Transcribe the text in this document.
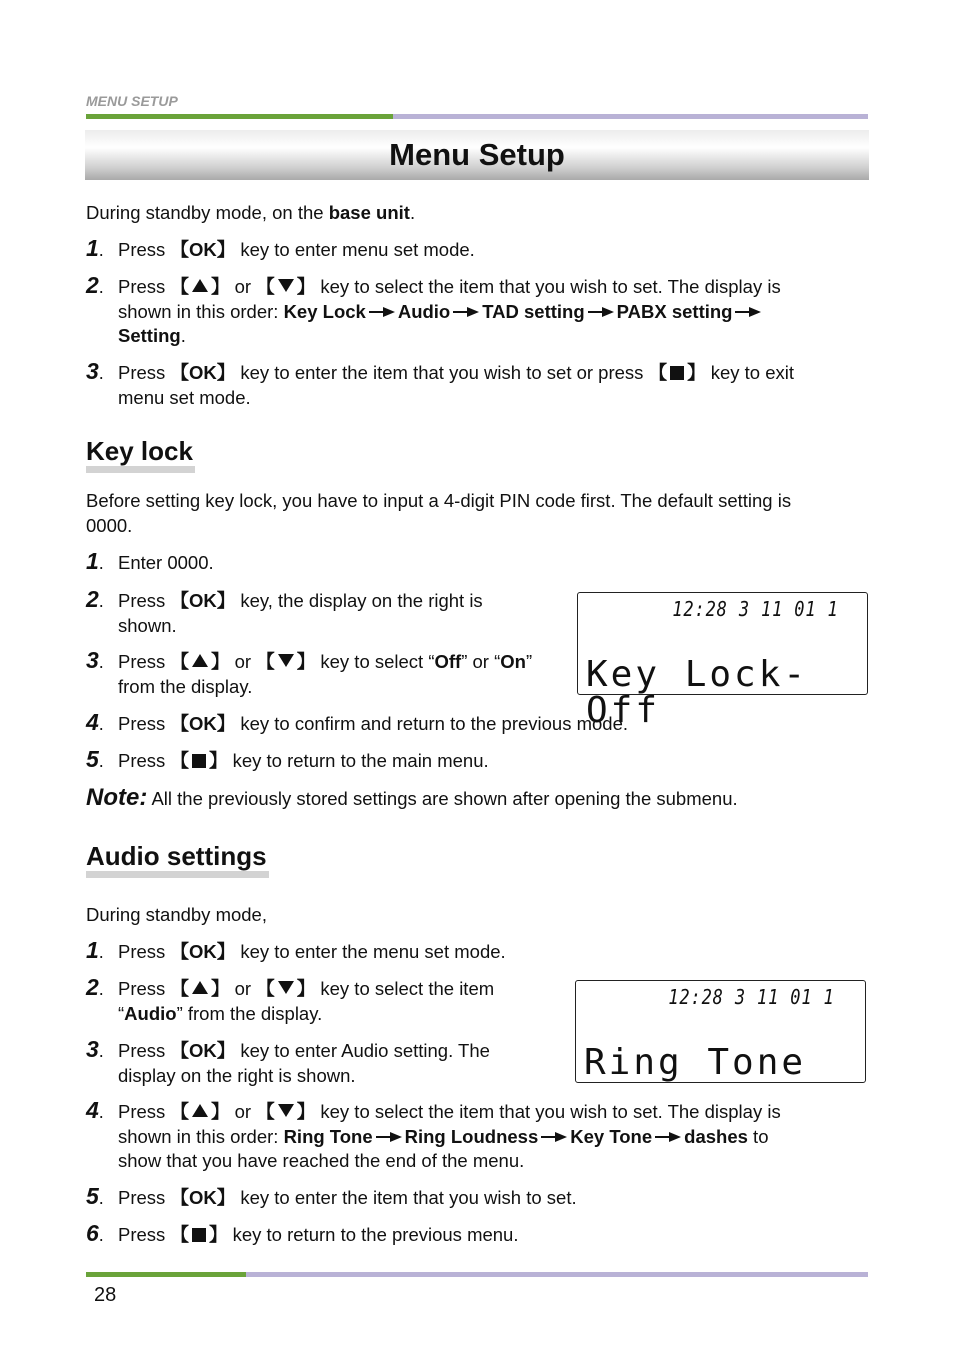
MENU SETUP
Menu Setup
During standby mode, on the base unit.
1. Press 【OK】 key to enter menu set mode.
2. Press 【 】 or 【 】 key to select the item that you wish to set. The display is
shown in this order: Key Lock Audio TAD setting PABX setting
Setting.
3. Press 【OK】 key to enter the item that you wish to set or press 【 】 key to exit
menu set mode.
Key lock
Before setting key lock, you have to input a 4-digit PIN code first. The default setting is
0000.
1. Enter 0000.
2. Press 【OK】 key, the display on the right is
shown.
3. Press 【 】 or 【 】 key to select “Off” or “On”
from the display.
12:28 3 11 01 1
Key Lock-Off
4. Press 【OK】 key to confirm and return to the previous mode.
5. Press 【 】 key to return to the main menu.
Note: All the previously stored settings are shown after opening the submenu.
Audio settings
During standby mode,
1. Press 【OK】 key to enter the menu set mode.
2. Press 【 】 or 【 】 key to select the item
“Audio” from the display.
3. Press 【OK】 key to enter Audio setting. The
display on the right is shown.
12:28 3 11 01 1
Ring Tone
4. Press 【 】 or 【 】 key to select the item that you wish to set. The display is
shown in this order: Ring Tone Ring Loudness Key Tone dashes to
show that you have reached the end of the menu.
5. Press 【OK】 key to enter the item that you wish to set.
6. Press 【 】 key to return to the previous menu.
28
